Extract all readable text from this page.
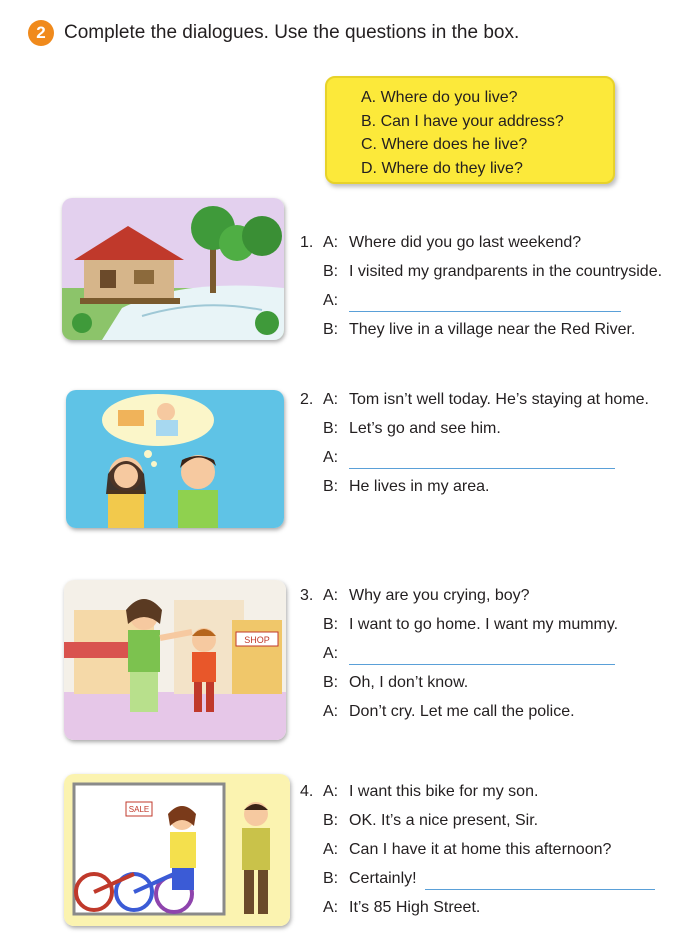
2 Complete the dialogues. Use the questions in the box.
A. Where do you live?
B. Can I have your address?
C. Where does he live?
D. Where do they live?
1. A: Where did you go last weekend?
B: I visited my grandparents in the countryside.
A:
B: They live in a village near the Red River.
2. A: Tom isn’t well today. He’s staying at home.
B: Let’s go and see him.
A:
B: He lives in my area.
SHOP
3. A: Why are you crying, boy?
B: I want to go home. I want my mummy.
A:
B: Oh, I don’t know.
A: Don’t cry. Let me call the police.
SALE
4. A: I want this bike for my son.
B: OK. It’s a nice present, Sir.
A: Can I have it at home this afternoon?
B: Certainly!
A: It’s 85 High Street.
